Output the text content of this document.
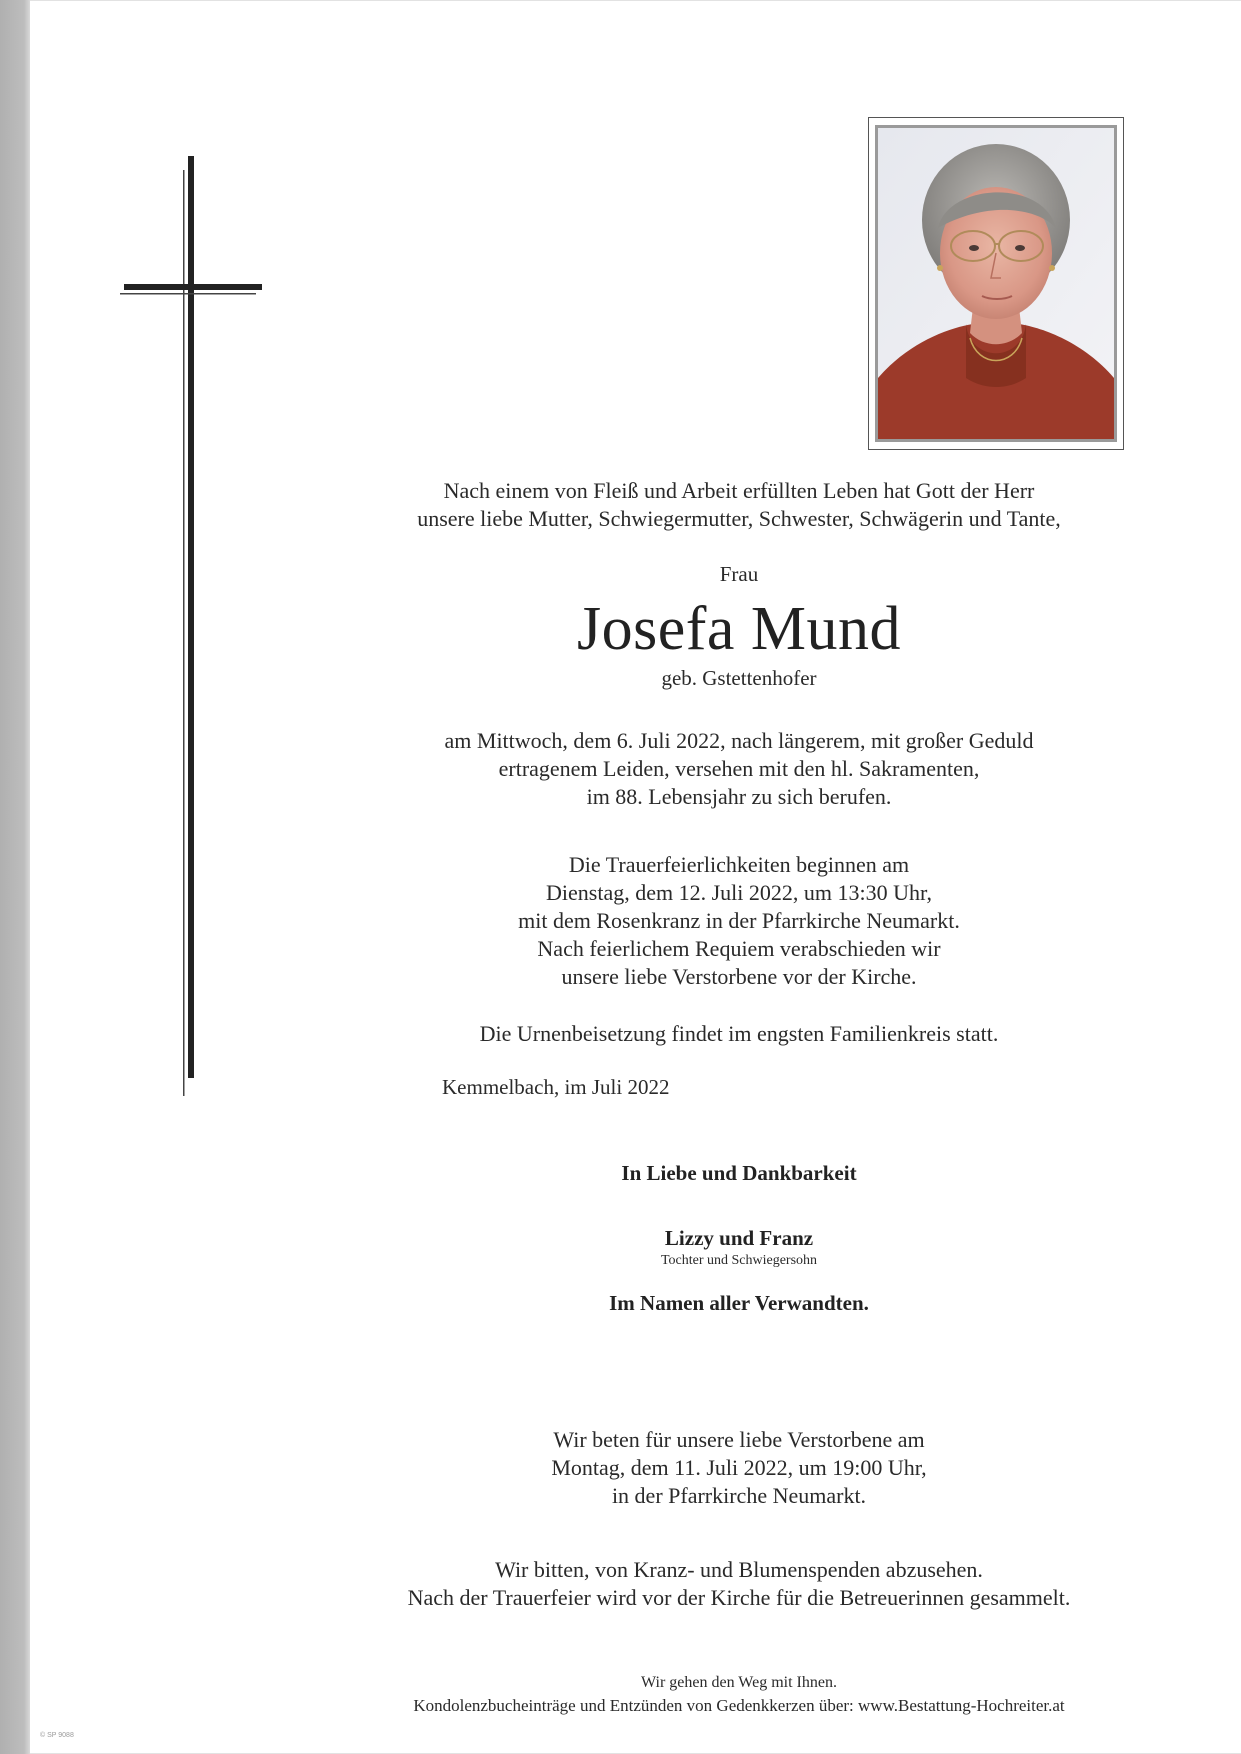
Nach einem von Fleiß und Arbeit erfüllten Leben hat Gott der Herr
unsere liebe Mutter, Schwiegermutter, Schwester, Schwägerin und Tante,
Frau
Josefa Mund
geb. Gstettenhofer
am Mittwoch, dem 6. Juli 2022, nach längerem, mit großer Geduld
ertragenem Leiden, versehen mit den hl. Sakramenten,
im 88. Lebensjahr zu sich berufen.
Die Trauerfeierlichkeiten beginnen am
Dienstag, dem 12. Juli 2022, um 13:30 Uhr,
mit dem Rosenkranz in der Pfarrkirche Neumarkt.
Nach feierlichem Requiem verabschieden wir
unsere liebe Verstorbene vor der Kirche.
Die Urnenbeisetzung findet im engsten Familienkreis statt.
Kemmelbach, im Juli 2022
In Liebe und Dankbarkeit
Lizzy und Franz
Tochter und Schwiegersohn
Im Namen aller Verwandten.
Wir beten für unsere liebe Verstorbene am
Montag, dem 11. Juli 2022, um 19:00 Uhr,
in der Pfarrkirche Neumarkt.
Wir bitten, von Kranz- und Blumenspenden abzusehen.
Nach der Trauerfeier wird vor der Kirche für die Betreuerinnen gesammelt.
Wir gehen den Weg mit Ihnen.
Kondolenzbucheinträge und Entzünden von Gedenkkerzen über: www.Bestattung-Hochreiter.at
© SP 9088
